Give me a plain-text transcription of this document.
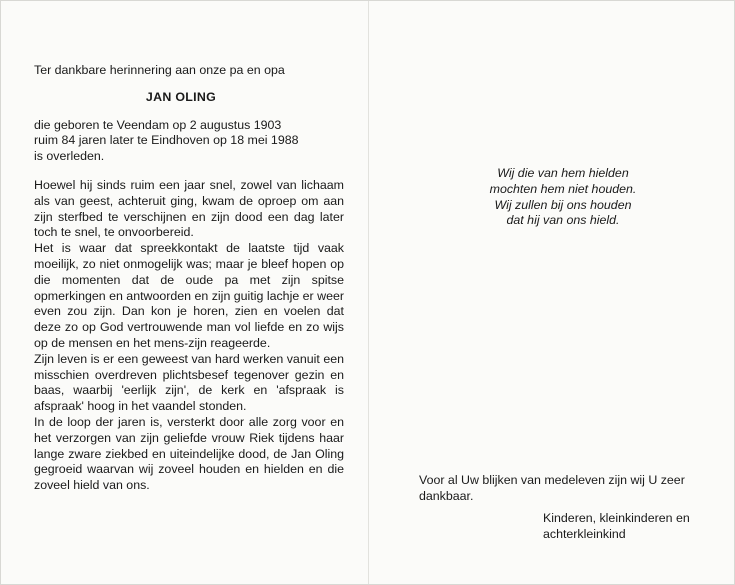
Ter dankbare herinnering aan onze pa en opa

JAN OLING
die geboren te Veendam op 2 augustus 1903
ruim 84 jaren later te Eindhoven op 18 mei 1988
is overleden.

Hoewel hij sinds ruim een jaar snel, zowel van lichaam als van geest, achteruit ging, kwam de oproep om aan zijn sterfbed te verschijnen en zijn dood een dag later toch te snel, te onvoorbereid.

Het is waar dat spreekkontakt de laatste tijd vaak moeilijk, zo niet onmogelijk was; maar je bleef hopen op die momenten dat de oude pa met zijn spitse opmerkingen en antwoorden en zijn guitig lachje er weer even zou zijn. Dan kon je horen, zien en voelen dat deze zo op God vertrouwende man vol liefde en zo wijs op de mensen en het mens-zijn reageerde.

Zijn leven is er een geweest van hard werken vanuit een misschien overdreven plichtsbesef tegenover gezin en baas, waarbij 'eerlijk zijn', de kerk en 'afspraak is afspraak' hoog in het vaandel stonden.

In de loop der jaren is, versterkt door alle zorg voor en het verzorgen van zijn geliefde vrouw Riek tijdens haar lange zware ziekbed en uiteindelijke dood, de Jan Oling gegroeid waarvan wij zoveel houden en hielden en die zoveel hield van ons.

Wij die van hem hielden
mochten hem niet houden.
Wij zullen bij ons houden
dat hij van ons hield.
Voor al Uw blijken van medeleven zijn wij U zeer dankbaar.
Kinderen, kleinkinderen en achterkleinkind
